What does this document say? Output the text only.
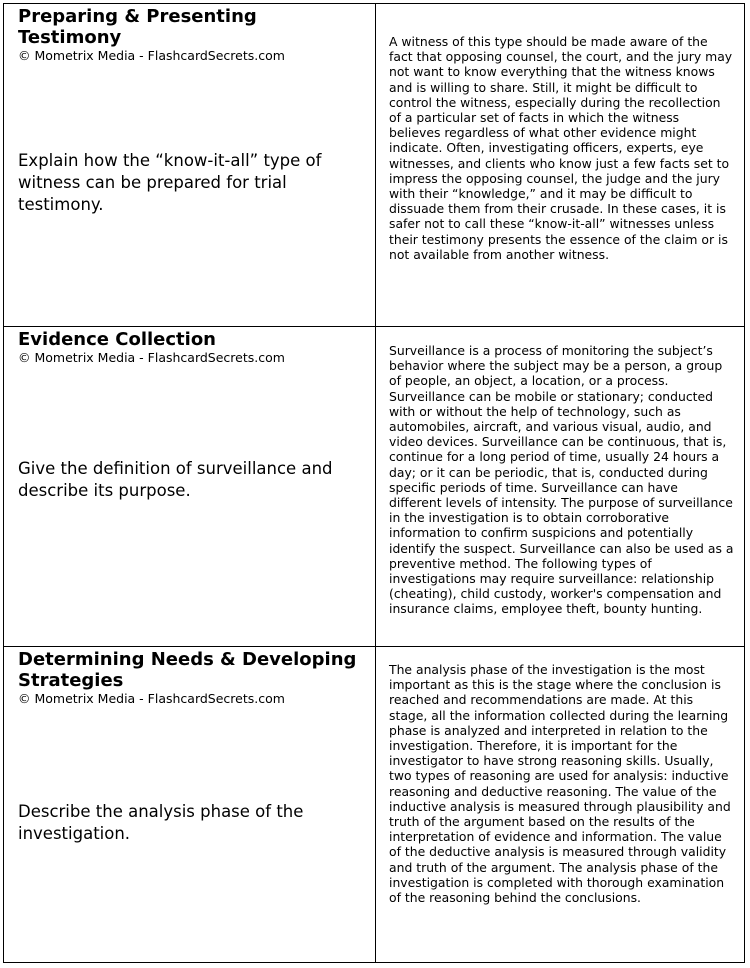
Preparing & Presenting Testimony

© Mometrix Media - FlashcardSecrets.com

Explain how the “know-it-all” type of witness can be prepared for trial testimony.

A witness of this type should be made aware of the fact that opposing counsel, the court, and the jury may not want to know everything that the witness knows and is willing to share. Still, it might be difficult to control the witness, especially during the recollection of a particular set of facts in which the witness believes regardless of what other evidence might indicate. Often, investigating officers, experts, eye witnesses, and clients who know just a few facts set to impress the opposing counsel, the judge and the jury with their “knowledge,” and it may be difficult to dissuade them from their crusade. In these cases, it is safer not to call these “know-it-all” witnesses unless their testimony presents the essence of the claim or is not available from another witness.

Evidence Collection

© Mometrix Media - FlashcardSecrets.com

Give the definition of surveillance and describe its purpose.

Surveillance is a process of monitoring the subject’s behavior where the subject may be a person, a group of people, an object, a location, or a process. Surveillance can be mobile or stationary; conducted with or without the help of technology, such as automobiles, aircraft, and various visual, audio, and video devices. Surveillance can be continuous, that is, continue for a long period of time, usually 24 hours a day; or it can be periodic, that is, conducted during specific periods of time. Surveillance can have different levels of intensity. The purpose of surveillance in the investigation is to obtain corroborative information to confirm suspicions and potentially identify the suspect. Surveillance can also be used as a preventive method. The following types of investigations may require surveillance: relationship (cheating), child custody, worker's compensation and insurance claims, employee theft, bounty hunting.

Determining Needs & Developing Strategies

© Mometrix Media - FlashcardSecrets.com

Describe the analysis phase of the investigation.

The analysis phase of the investigation is the most important as this is the stage where the conclusion is reached and recommendations are made. At this stage, all the information collected during the learning phase is analyzed and interpreted in relation to the investigation. Therefore, it is important for the investigator to have strong reasoning skills. Usually, two types of reasoning are used for analysis: inductive reasoning and deductive reasoning. The value of the inductive analysis is measured through plausibility and truth of the argument based on the results of the interpretation of evidence and information. The value of the deductive analysis is measured through validity and truth of the argument. The analysis phase of the investigation is completed with thorough examination of the reasoning behind the conclusions.
